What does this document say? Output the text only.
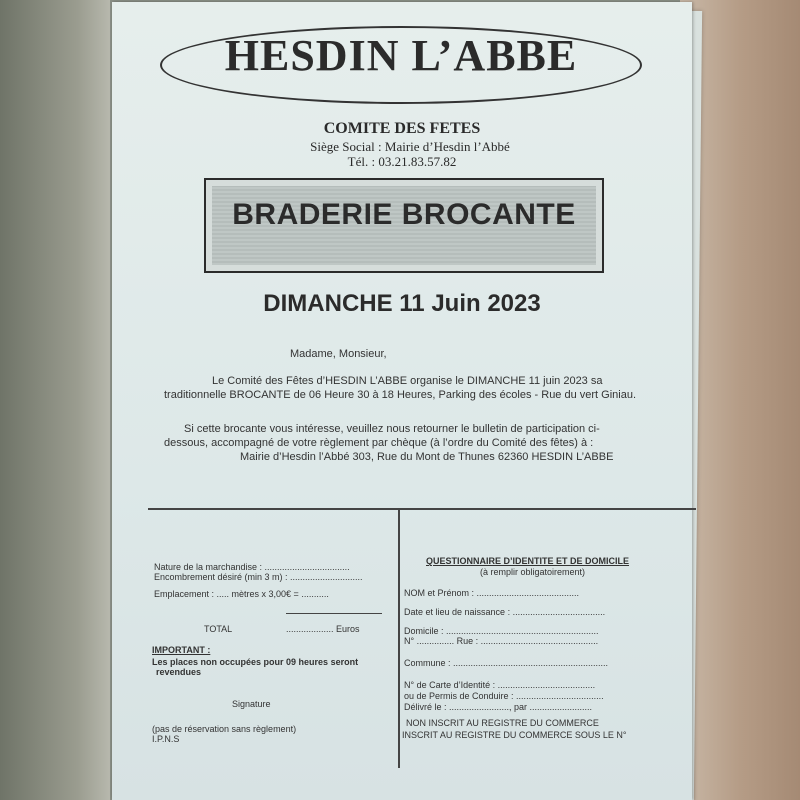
HESDIN L’ABBE
COMITE DES FETES
Siège Social : Mairie d’Hesdin l’Abbé
Tél. : 03.21.83.57.82
BRADERIE BROCANTE
DIMANCHE 11 Juin 2023
Madame, Monsieur,
Le Comité des Fêtes d’HESDIN L’ABBE organise le DIMANCHE 11 juin 2023 sa
traditionnelle BROCANTE de 06 Heure 30 à 18 Heures, Parking des écoles - Rue du vert Giniau.
Si cette brocante vous intéresse, veuillez nous retourner le bulletin de participation ci-
dessous, accompagné de votre règlement par chèque (à l’ordre du Comité des fêtes) à :
Mairie d’Hesdin l’Abbé 303, Rue du Mont de Thunes 62360 HESDIN L’ABBE
Nature de la marchandise : ..................................
Encombrement désiré (min 3 m) : .............................
Emplacement : ..... mètres x 3,00€ = ...........
TOTAL	................... Euros
IMPORTANT :
Les places non occupées pour 09 heures seront
revendues
Signature
(pas de réservation sans règlement)
I.P.N.S
QUESTIONNAIRE D’IDENTITE ET DE DOMICILE
(à remplir obligatoirement)
NOM et Prénom : .........................................
Date et lieu de naissance : .....................................
Domicile : .............................................................
N° ............... Rue : ...............................................
Commune : ..............................................................
N° de Carte d’Identité : .......................................
ou de Permis de Conduire : ...................................
Délivré le : ........................, par .........................
NON INSCRIT AU REGISTRE DU COMMERCE
INSCRIT AU REGISTRE DU COMMERCE SOUS LE N°
